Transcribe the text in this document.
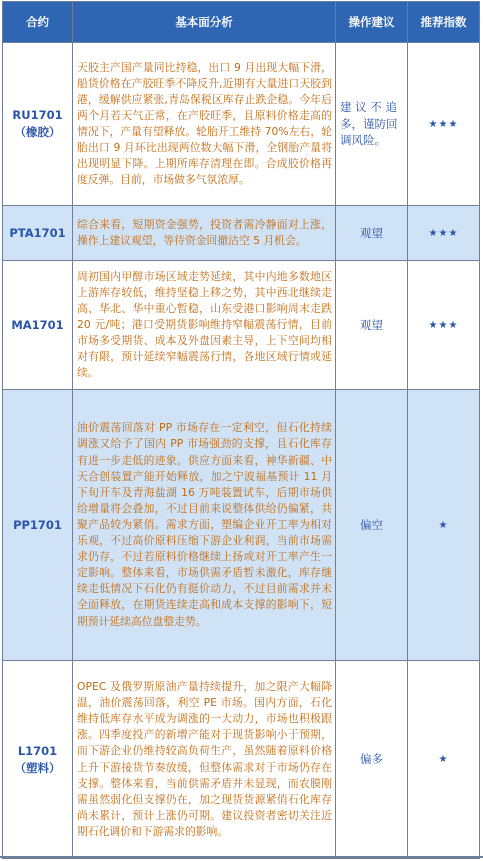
合约	基本面分析	操作建议	推荐指数

RU1701
（橡胶）	天胶主产国产量同比持稳，出口 9 月出现大幅下滑，船货价格在产胶旺季不降反升,近期有大量进口天胶到港，缓解供应紧张,青岛保税区库存止跌企稳。今年后两个月若天气正常，在产胶旺季，且原料价格走高的情况下，产量有望释放。轮胎开工维持 70%左右，轮胎出口 9 月环比出现两位数大幅下滑，全钢胎产量将出现明显下降。上期所库存清理在即。合成胶价格再度反弹。目前，市场做多气氛浓厚。	建 议 不 追多，谨防回调风险。	★★★

PTA1701	综合来看，短期资金强势，投资者需冷静面对上涨，操作上建议观望，等待资金回撤沽空 5 月机会。	观望	★★★

MA1701	周初国内甲醇市场区域走势延续，其中内地多数地区上游库存较低，维持坚稳上移之势，其中西北继续走高、华北、华中重心暂稳，山东受港口影响周末走跌 20 元/吨；港口受期货影响维持窄幅震荡行情，目前市场多受期货、成本及外盘因素主导，上下空间均相对有限，预计延续窄幅震荡行情，各地区域行情或延续。	观望	★★★

PP1701	油价震荡回落对 PP 市场存在一定利空，但石化持续调涨又给予了国内 PP 市场强劲的支撑，且石化库存有进一步走低的迹象。供应方面来看，神华新疆、中天合创装置产能开始释放，加之宁波福基预计 11 月下旬开车及青海盐湖 16 万吨装置试车，后期市场供给增量将会叠加，不过目前来说整体供给仍偏紧，共聚产品较为紧俏。需求方面，塑编企业开工率为相对乐观，不过高价原料压缩下游企业利润，当前市场需求仍存，不过若原料价格继续上扬或对开工率产生一定影响。整体来看，市场供需矛盾暂未激化，库存继续走低情况下石化仍有挺价动力，不过目前需求并未全面释放，在期货连续走高和成本支撑的影响下，短期预计延续高位盘整走势。	偏空	★

L1701
（塑料）	OPEC 及俄罗斯原油产量持续提升，加之限产大幅降温，油价震荡回落，利空 PE 市场。国内方面，石化维持低库存水平成为调涨的一大动力，市场也积极跟涨。四季度投产的新增产能对于现货影响小于预期，而下游企业仍维持较高负荷生产，虽然随着原料价格上升下游接货节奏放缓，但整体需求对于市场仍存在支撑。整体来看，当前供需矛盾并未显现，而农膜刚需虽然弱化但支撑仍在，加之现货货源紧俏石化库存尚未累计，预计上涨仍可期。建议投资者密切关注近期石化调价和下游需求的影响。	偏多	★
